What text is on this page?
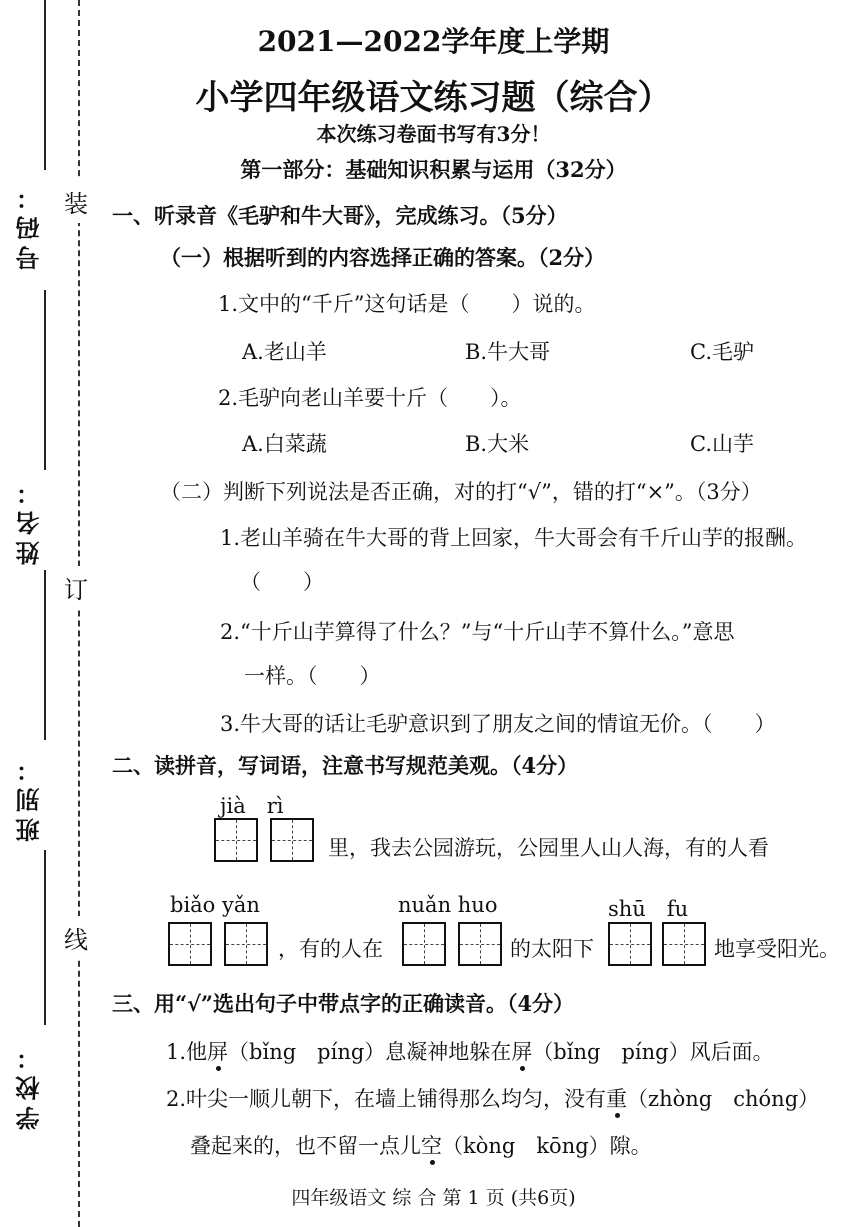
号码：
姓名：
班别：
学校：
装
订
线
2021—2022学年度上学期
小学四年级语文练习题（综合）
本次练习卷面书写有3分！
第一部分：基础知识积累与运用（32分）
一、听录音《毛驴和牛大哥》，完成练习。（5分）
（一）根据听到的内容选择正确的答案。（2分）
1.文中的“千斤”这句话是（　　）说的。
A.老山羊	B.牛大哥	C.毛驴
2.毛驴向老山羊要十斤（　　）。
A.白菜蔬	B.大米	C.山芋
（二）判断下列说法是否正确，对的打“√”，错的打“×”。（3分）
1.老山羊骑在牛大哥的背上回家，牛大哥会有千斤山芋的报酬。
（　　）
2.“十斤山芋算得了什么？”与“十斤山芋不算什么。”意思
一样。（　　）
3.牛大哥的话让毛驴意识到了朋友之间的情谊无价。（　　）
二、读拼音，写词语，注意书写规范美观。（4分）
jià　rì
里，我去公园游玩，公园里人山人海，有的人看
biǎo yǎn	nuǎn huo	shū　fu
，有的人在	的太阳下	地享受阳光。
三、用“√”选出句子中带点字的正确读音。（4分）
1.他屏（bǐng　píng）息凝神地躲在屏（bǐng　píng）风后面。
2.叶尖一顺儿朝下，在墙上铺得那么均匀，没有重（zhòng　chóng）
叠起来的，也不留一点儿空（kòng　kōng）隙。
四年级语文 综 合 第 1 页 (共6页)
